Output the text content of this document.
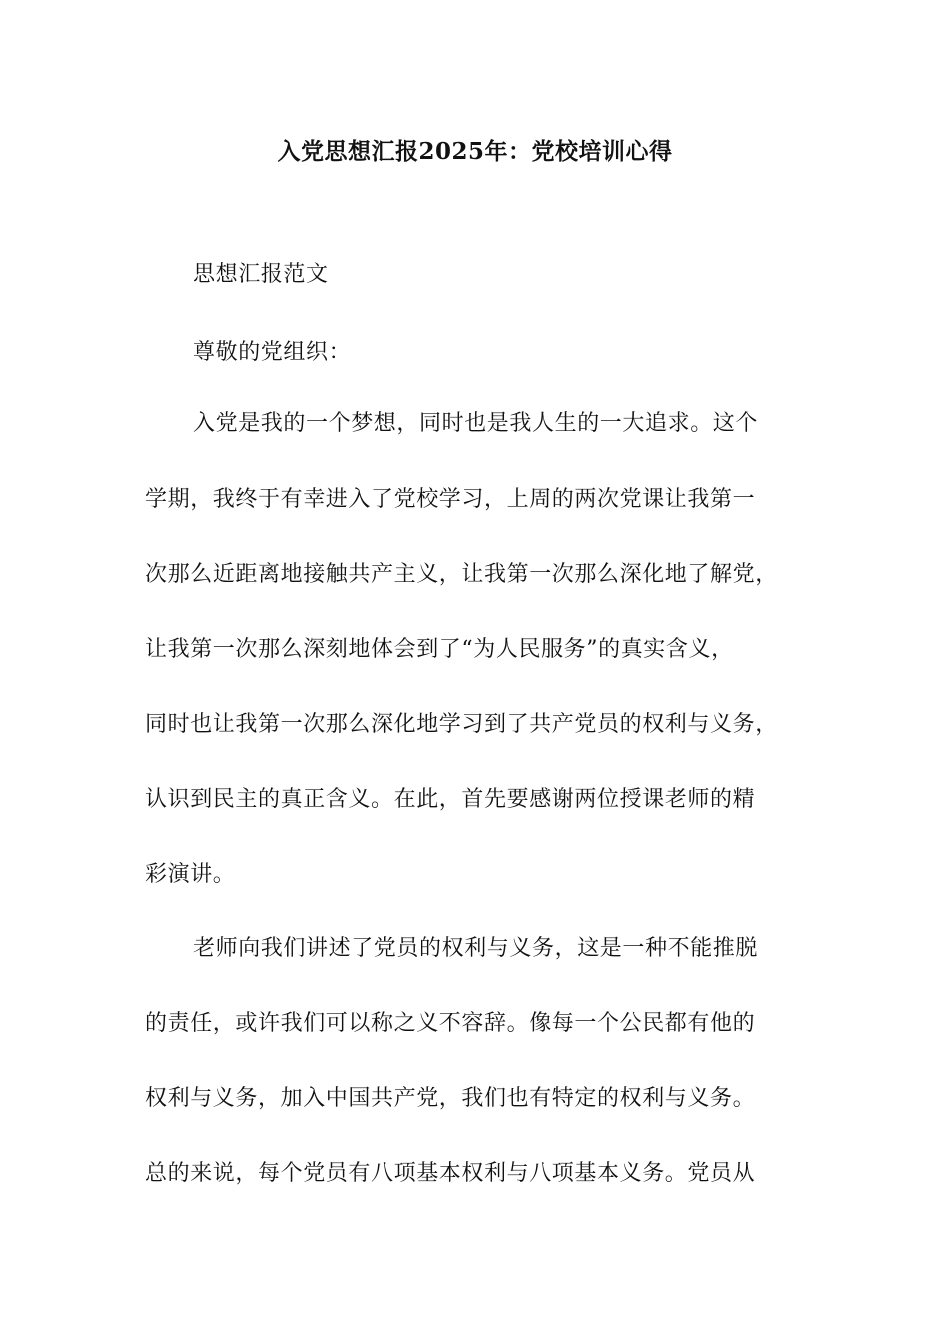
入党思想汇报2025年：党校培训心得
思想汇报范文
尊敬的党组织：
入党是我的一个梦想，同时也是我人生的一大追求。这个
学期，我终于有幸进入了党校学习，上周的两次党课让我第一
次那么近距离地接触共产主义，让我第一次那么深化地了解党，
让我第一次那么深刻地体会到了“为人民服务”的真实含义，
同时也让我第一次那么深化地学习到了共产党员的权利与义务，
认识到民主的真正含义。在此，首先要感谢两位授课老师的精
彩演讲。
老师向我们讲述了党员的权利与义务，这是一种不能推脱
的责任，或许我们可以称之义不容辞。像每一个公民都有他的
权利与义务，加入中国共产党，我们也有特定的权利与义务。
总的来说，每个党员有八项基本权利与八项基本义务。党员从
